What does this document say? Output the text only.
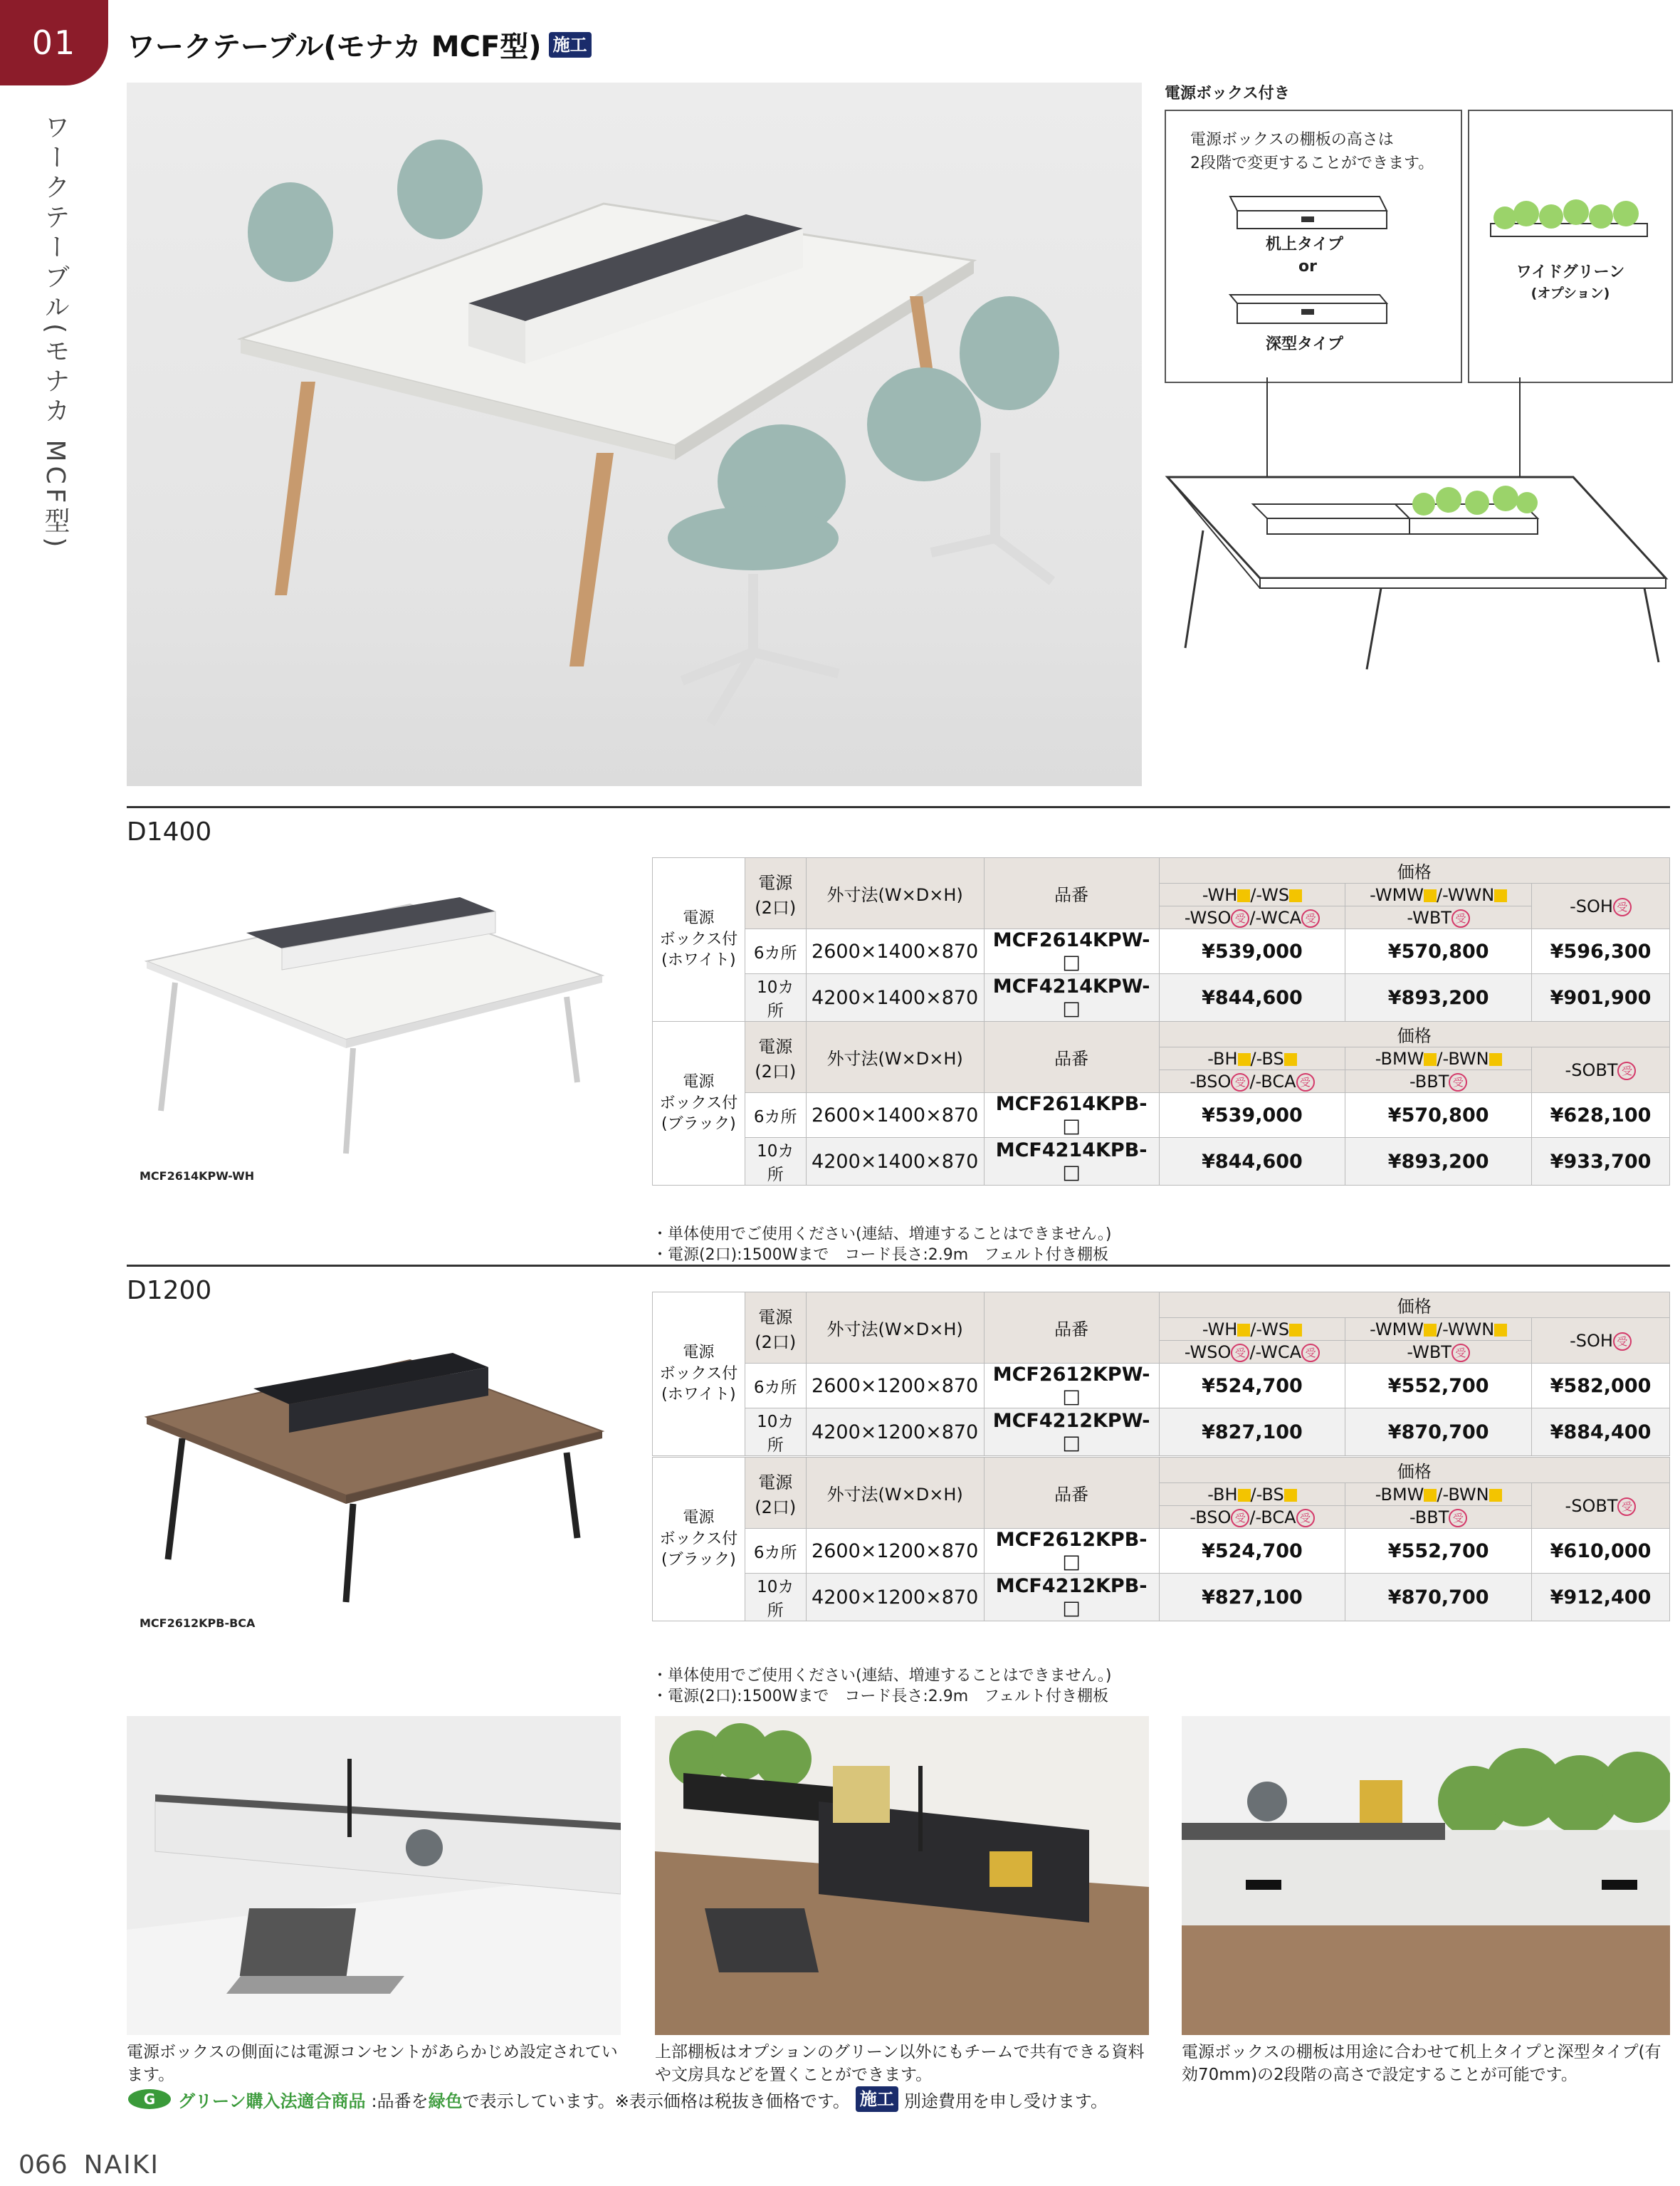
01 ワークテーブル(モナカ MCF型) 施工
ワークテーブル(モナカ MCF型)
電源ボックス付き
電源ボックスの棚板の高さは
2段階で変更することができます。
机上タイプ
or
深型タイプ
ワイドグリーン
(オプション)
D1400
MCF2614KPW-WH
・単体使用でご使用ください(連結、増連することはできません。)
・電源(2口):1500Wまで　コード長さ:2.9m　フェルト付き棚板
D1200
MCF2612KPB-BCA
・単体使用でご使用ください(連結、増連することはできません。)
・電源(2口):1500Wまで　コード長さ:2.9m　フェルト付き棚板
電源ボックスの側面には電源コンセントがあらかじめ設定されています。
上部棚板はオプションのグリーン以外にもチームで共有できる資料や文房具などを置くことができます。
電源ボックスの棚板は用途に合わせて机上タイプと深型タイプ(有効70mm)の2段階の高さで設定することが可能です。
G グリーン購入法適合商品 :品番を 緑色 で表示しています。※表示価格は税抜き価格です。 施工 別途費用を申し受けます。
066 NAIKI
電源
ボックス付
(ホワイト)	電源
(2口)	外寸法(W×D×H)	品番	価格		
				-WH /-WS	-WMW /-WWN	-SOH 受
				-WSO 受 /-WCA 受	-WBT 受	
	6カ所	2600×1400×870	MCF2614KPW-□	¥539,000	¥570,800	¥596,300
	10カ所	4200×1400×870	MCF4214KPW-□	¥844,600	¥893,200	¥901,900
電源
ボックス付
(ブラック)	電源
(2口)	外寸法(W×D×H)	品番	価格		
				-BH /-BS	-BMW /-BWN	-SOBT 受
				-BSO 受 /-BCA 受	-BBT 受	
	6カ所	2600×1400×870	MCF2614KPB-□	¥539,000	¥570,800	¥628,100
	10カ所	4200×1400×870	MCF4214KPB-□	¥844,600	¥893,200	¥933,700
電源
ボックス付
(ホワイト)	電源
(2口)	外寸法(W×D×H)	品番	価格		
				-WH /-WS	-WMW /-WWN	-SOH 受
				-WSO 受 /-WCA 受	-WBT 受	
	6カ所	2600×1200×870	MCF2612KPW-□	¥524,700	¥552,700	¥582,000
	10カ所	4200×1200×870	MCF4212KPW-□	¥827,100	¥870,700	¥884,400
電源
ボックス付
(ブラック)	電源
(2口)	外寸法(W×D×H)	品番	価格		
				-BH /-BS	-BMW /-BWN	-SOBT 受
				-BSO 受 /-BCA 受	-BBT 受	
	6カ所	2600×1200×870	MCF2612KPB-□	¥524,700	¥552,700	¥610,000
	10カ所	4200×1200×870	MCF4212KPB-□	¥827,100	¥870,700	¥912,400
